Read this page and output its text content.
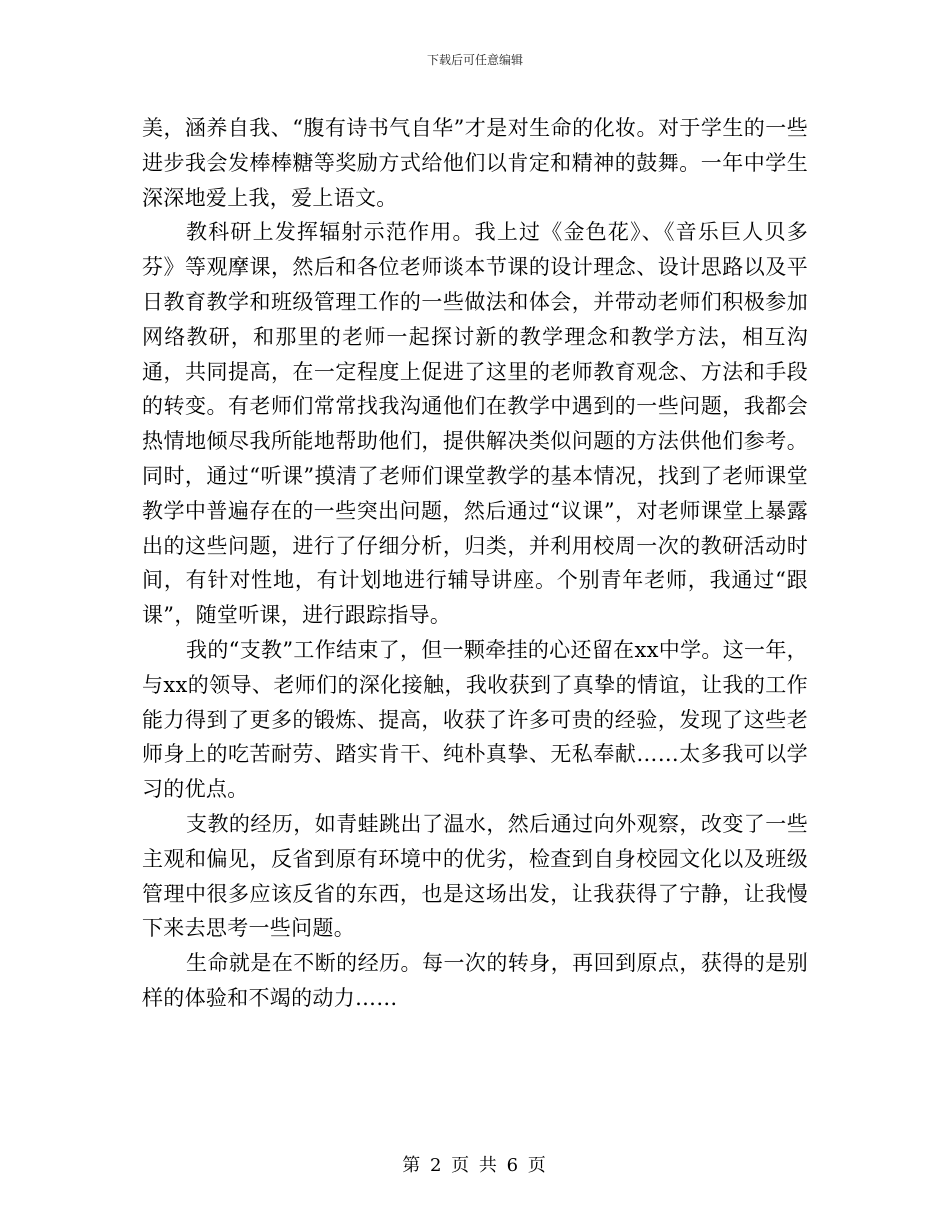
下载后可任意编辑

美，涵养自我、“腹有诗书气自华”才是对生命的化妆。对于学生的一些进步我会发棒棒糖等奖励方式给他们以肯定和精神的鼓舞。一年中学生深深地爱上我，爱上语文。

教科研上发挥辐射示范作用。我上过《金色花》、《音乐巨人贝多芬》等观摩课，然后和各位老师谈本节课的设计理念、设计思路以及平日教育教学和班级管理工作的一些做法和体会，并带动老师们积极参加网络教研，和那里的老师一起探讨新的教学理念和教学方法，相互沟通，共同提高，在一定程度上促进了这里的老师教育观念、方法和手段的转变。有老师们常常找我沟通他们在教学中遇到的一些问题，我都会热情地倾尽我所能地帮助他们，提供解决类似问题的方法供他们参考。同时，通过“听课”摸清了老师们课堂教学的基本情况，找到了老师课堂教学中普遍存在的一些突出问题，然后通过“议课”，对老师课堂上暴露出的这些问题，进行了仔细分析，归类，并利用校周一次的教研活动时间，有针对性地，有计划地进行辅导讲座。个别青年老师，我通过“跟课”，随堂听课，进行跟踪指导。

我的“支教”工作结束了，但一颗牵挂的心还留在xx中学。这一年，与xx的领导、老师们的深化接触，我收获到了真挚的情谊，让我的工作能力得到了更多的锻炼、提高，收获了许多可贵的经验，发现了这些老师身上的吃苦耐劳、踏实肯干、纯朴真挚、无私奉献……太多我可以学习的优点。

支教的经历，如青蛙跳出了温水，然后通过向外观察，改变了一些主观和偏见，反省到原有环境中的优劣，检查到自身校园文化以及班级管理中很多应该反省的东西，也是这场出发，让我获得了宁静，让我慢下来去思考一些问题。

生命就是在不断的经历。每一次的转身，再回到原点，获得的是别样的体验和不竭的动力……

第 2 页 共 6 页
